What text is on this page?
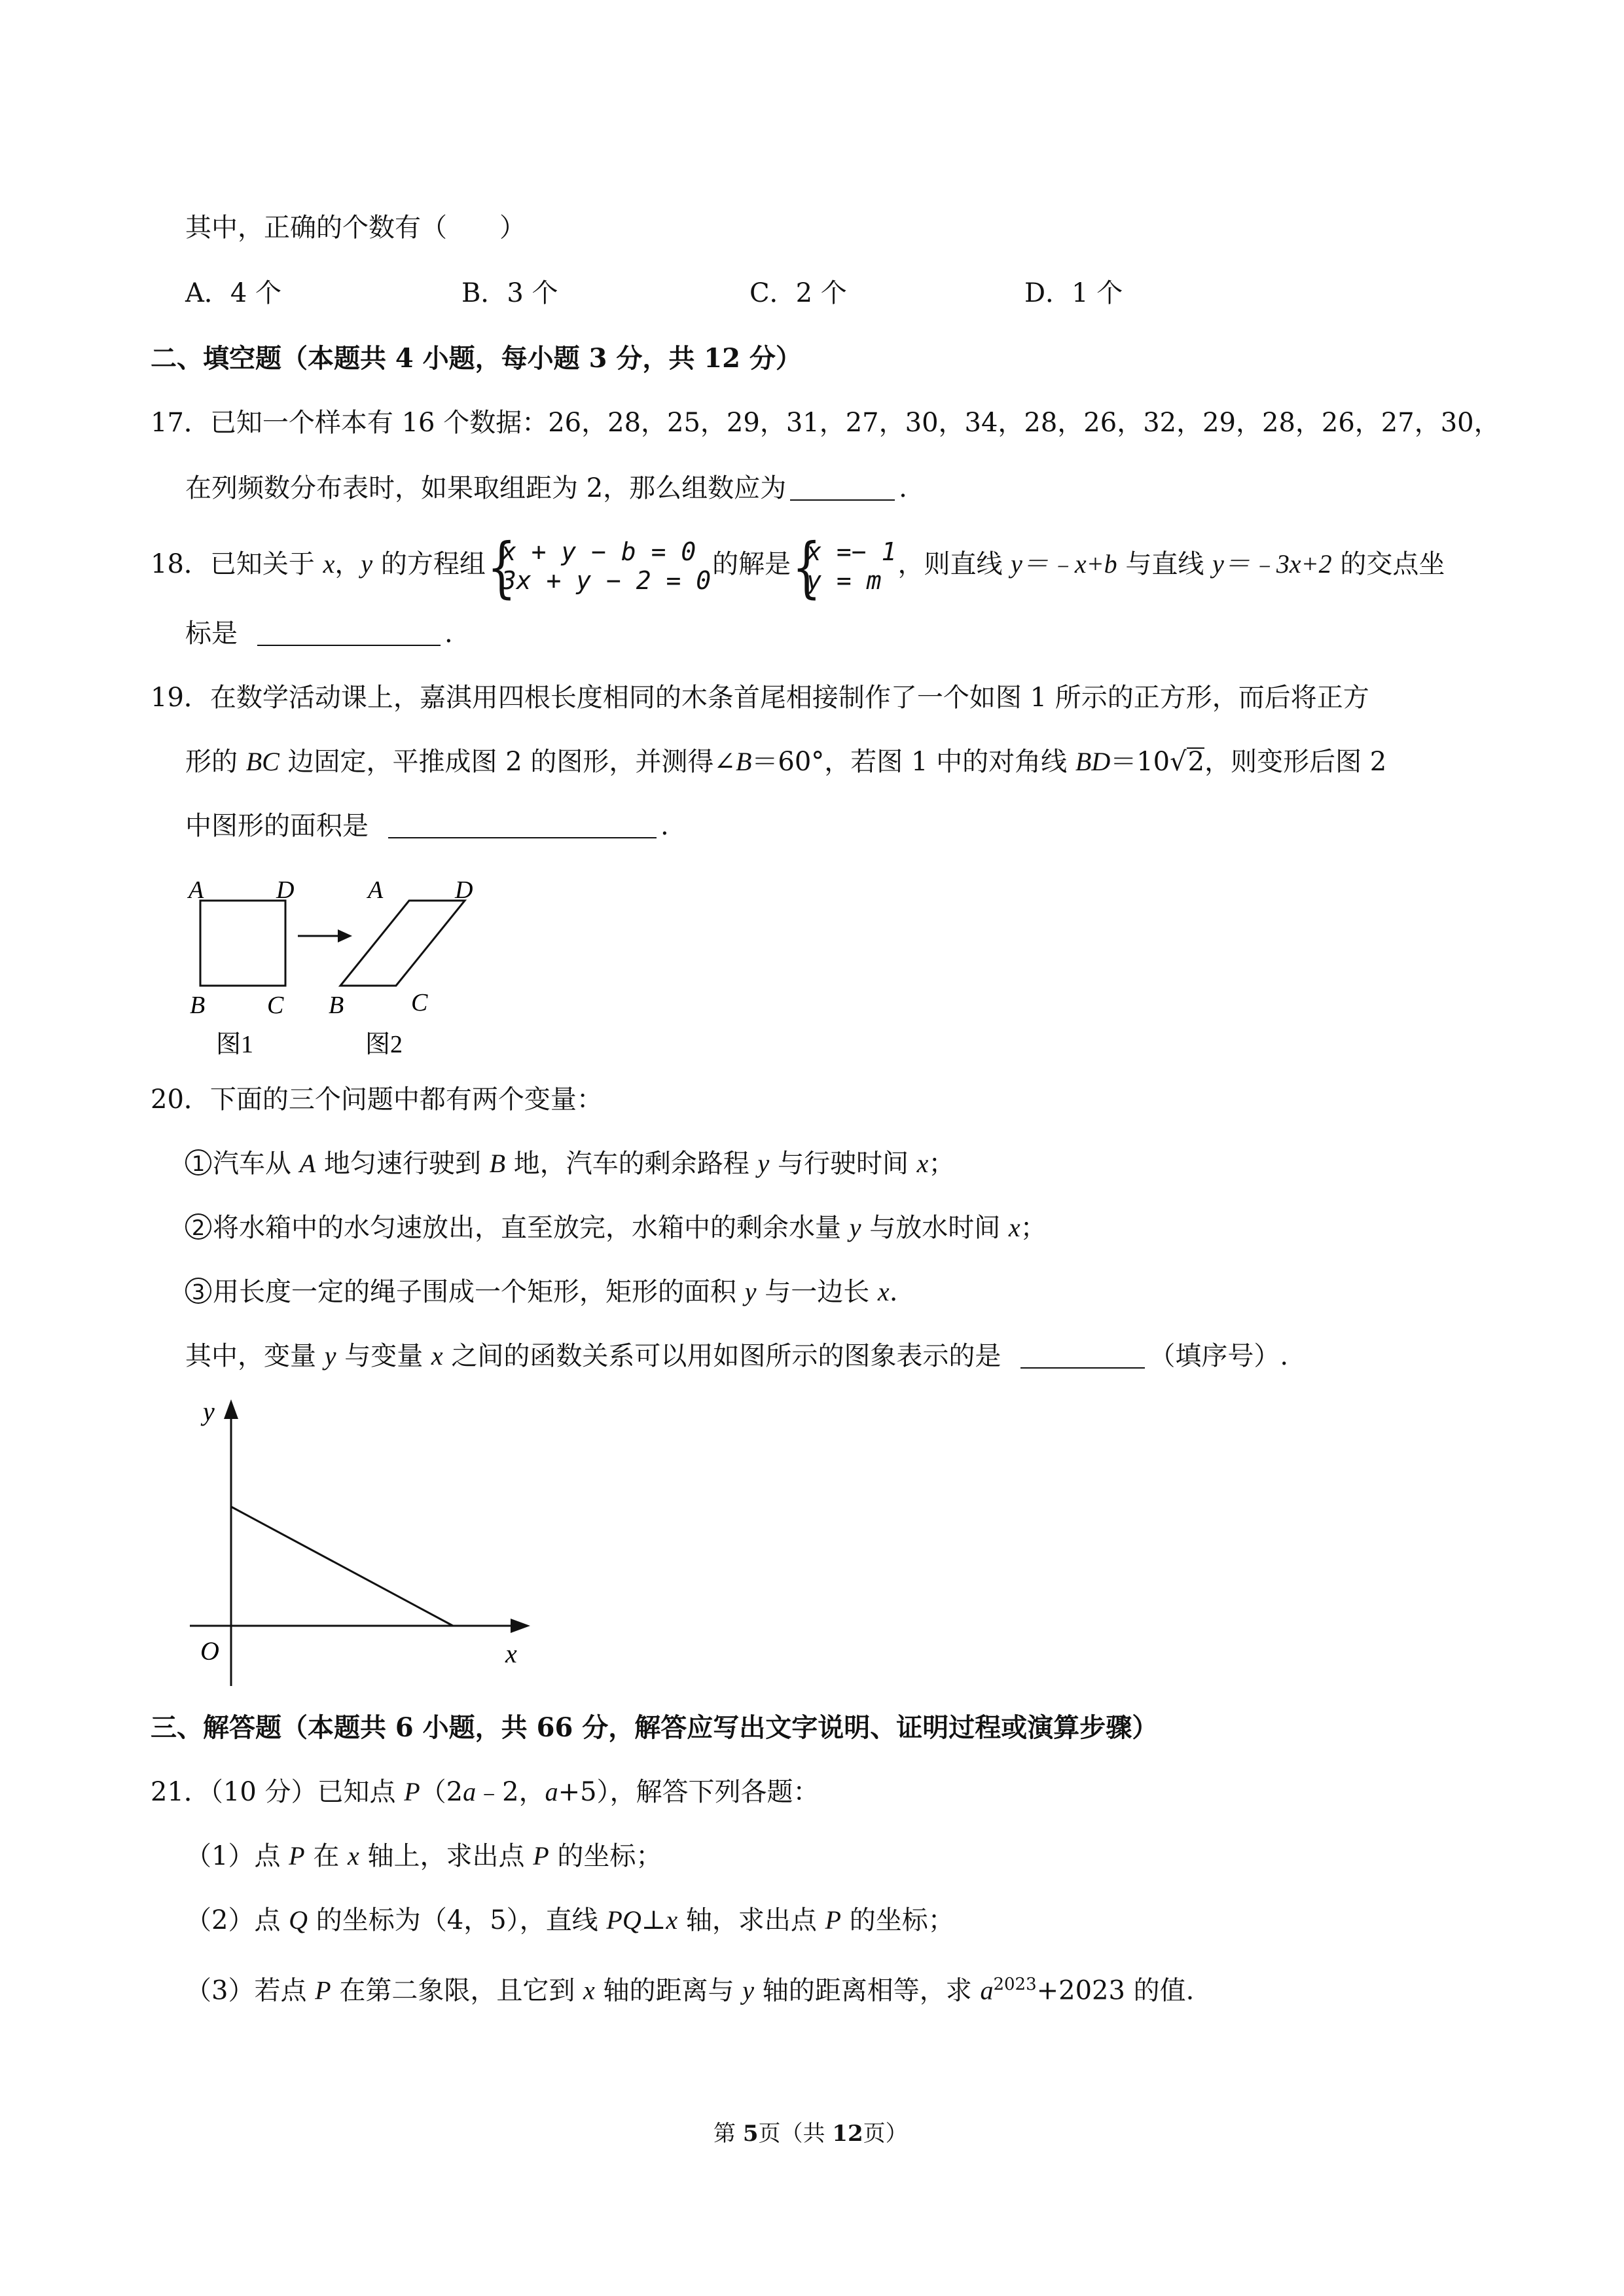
其中，正确的个数有（　　）
A．4 个	B．3 个	C．2 个	D．1 个
二、填空题（本题共 4 小题，每小题 3 分，共 12 分）
17．已知一个样本有 16 个数据：26，28，25，29，31，27，30，34，28，26，32，29，28，26，27，30，
在列频数分布表时，如果取组距为 2，那么组数应为	.
18．已知关于 x，y 的方程组 {
x + y − b = 0
3x + y − 2 = 0
的解是 {
x =− 1
y = m
，则直线 y＝﹣x+b 与直线 y＝﹣3x+2 的交点坐
标是	.
19．在数学活动课上，嘉淇用四根长度相同的木条首尾相接制作了一个如图 1 所示的正方形，而后将正方
形的 BC 边固定，平推成图 2 的图形，并测得∠B＝60°，若图 1 中的对角线 BD＝10√2，则变形后图 2
中图形的面积是	.
A	D
B C
图1
A	D
B	C
图2
20．下面的三个问题中都有两个变量：
1 汽车从 A 地匀速行驶到 B 地，汽车的剩余路程 y 与行驶时间 x；
2 将水箱中的水匀速放出，直至放完，水箱中的剩余水量 y 与放水时间 x；
3 用长度一定的绳子围成一个矩形，矩形的面积 y 与一边长 x.
其中，变量 y 与变量 x 之间的函数关系可以用如图所示的图象表示的是	（填序号）.
y
x
O
三、解答题（本题共 6 小题，共 66 分，解答应写出文字说明、证明过程或演算步骤）
21．（10 分）已知点 P（2a﹣2，a+5），解答下列各题：
（1）点 P 在 x 轴上，求出点 P 的坐标；
（2）点 Q 的坐标为（4，5），直线 PQ⊥x 轴，求出点 P 的坐标；
（3）若点 P 在第二象限，且它到 x 轴的距离与 y 轴的距离相等，求 $a^{2023}+2023$ 的值.
第 5页（共 12页）
